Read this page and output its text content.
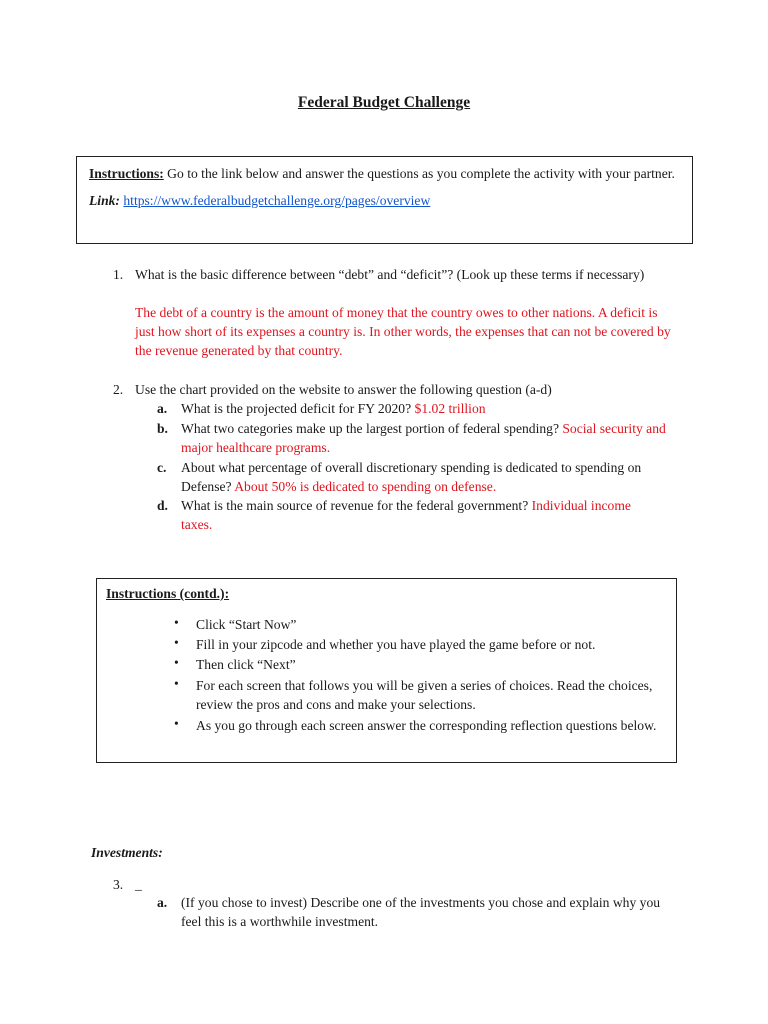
Federal Budget Challenge

Instructions: Go to the link below and answer the questions as you complete the activity with your partner.

Link: https://www.federalbudgetchallenge.org/pages/overview

1. What is the basic difference between “debt” and “deficit”? (Look up these terms if necessary)
The debt of a country is the amount of money that the country owes to other nations. A deficit is just how short of its expenses a country is. In other words, the expenses that can not be covered by the revenue generated by that country.
2. Use the chart provided on the website to answer the following question (a-d)
a. What is the projected deficit for FY 2020? $1.02 trillion
b. What two categories make up the largest portion of federal spending? Social security and major healthcare programs.
c. About what percentage of overall discretionary spending is dedicated to spending on Defense? About 50% is dedicated to spending on defense.
d. What is the main source of revenue for the federal government? Individual income taxes.
Instructions (contd.):
• Click “Start Now”
• Fill in your zipcode and whether you have played the game before or not.
• Then click “Next”
• For each screen that follows you will be given a series of choices. Read the choices, review the pros and cons and make your selections.
• As you go through each screen answer the corresponding reflection questions below.
Investments:
3. _
a. (If you chose to invest) Describe one of the investments you chose and explain why you feel this is a worthwhile investment.
